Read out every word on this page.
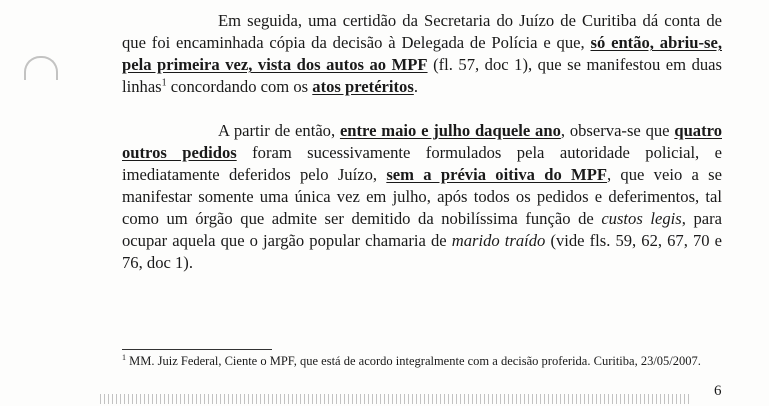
Em seguida, uma certidão da Secretaria do Juízo de Curitiba dá conta de que foi encaminhada cópia da decisão à Delegada de Polícia e que, só então, abriu-se, pela primeira vez, vista dos autos ao MPF (fl. 57, doc 1), que se manifestou em duas linhas$^1$ concordando com os atos pretéritos.

A partir de então, entre maio e julho daquele ano, observa-se que quatro outros pedidos foram sucessivamente formulados pela autoridade policial, e imediatamente deferidos pelo Juízo, sem a prévia oitiva do MPF, que veio a se manifestar somente uma única vez em julho, após todos os pedidos e deferimentos, tal como um órgão que admite ser demitido da nobilíssima função de custos legis, para ocupar aquela que o jargão popular chamaria de marido traído (vide fls. 59, 62, 67, 70 e 76, doc 1).

$^1$ MM. Juiz Federal, Ciente o MPF, que está de acordo integralmente com a decisão proferida. Curitiba, 23/05/2007.

6
